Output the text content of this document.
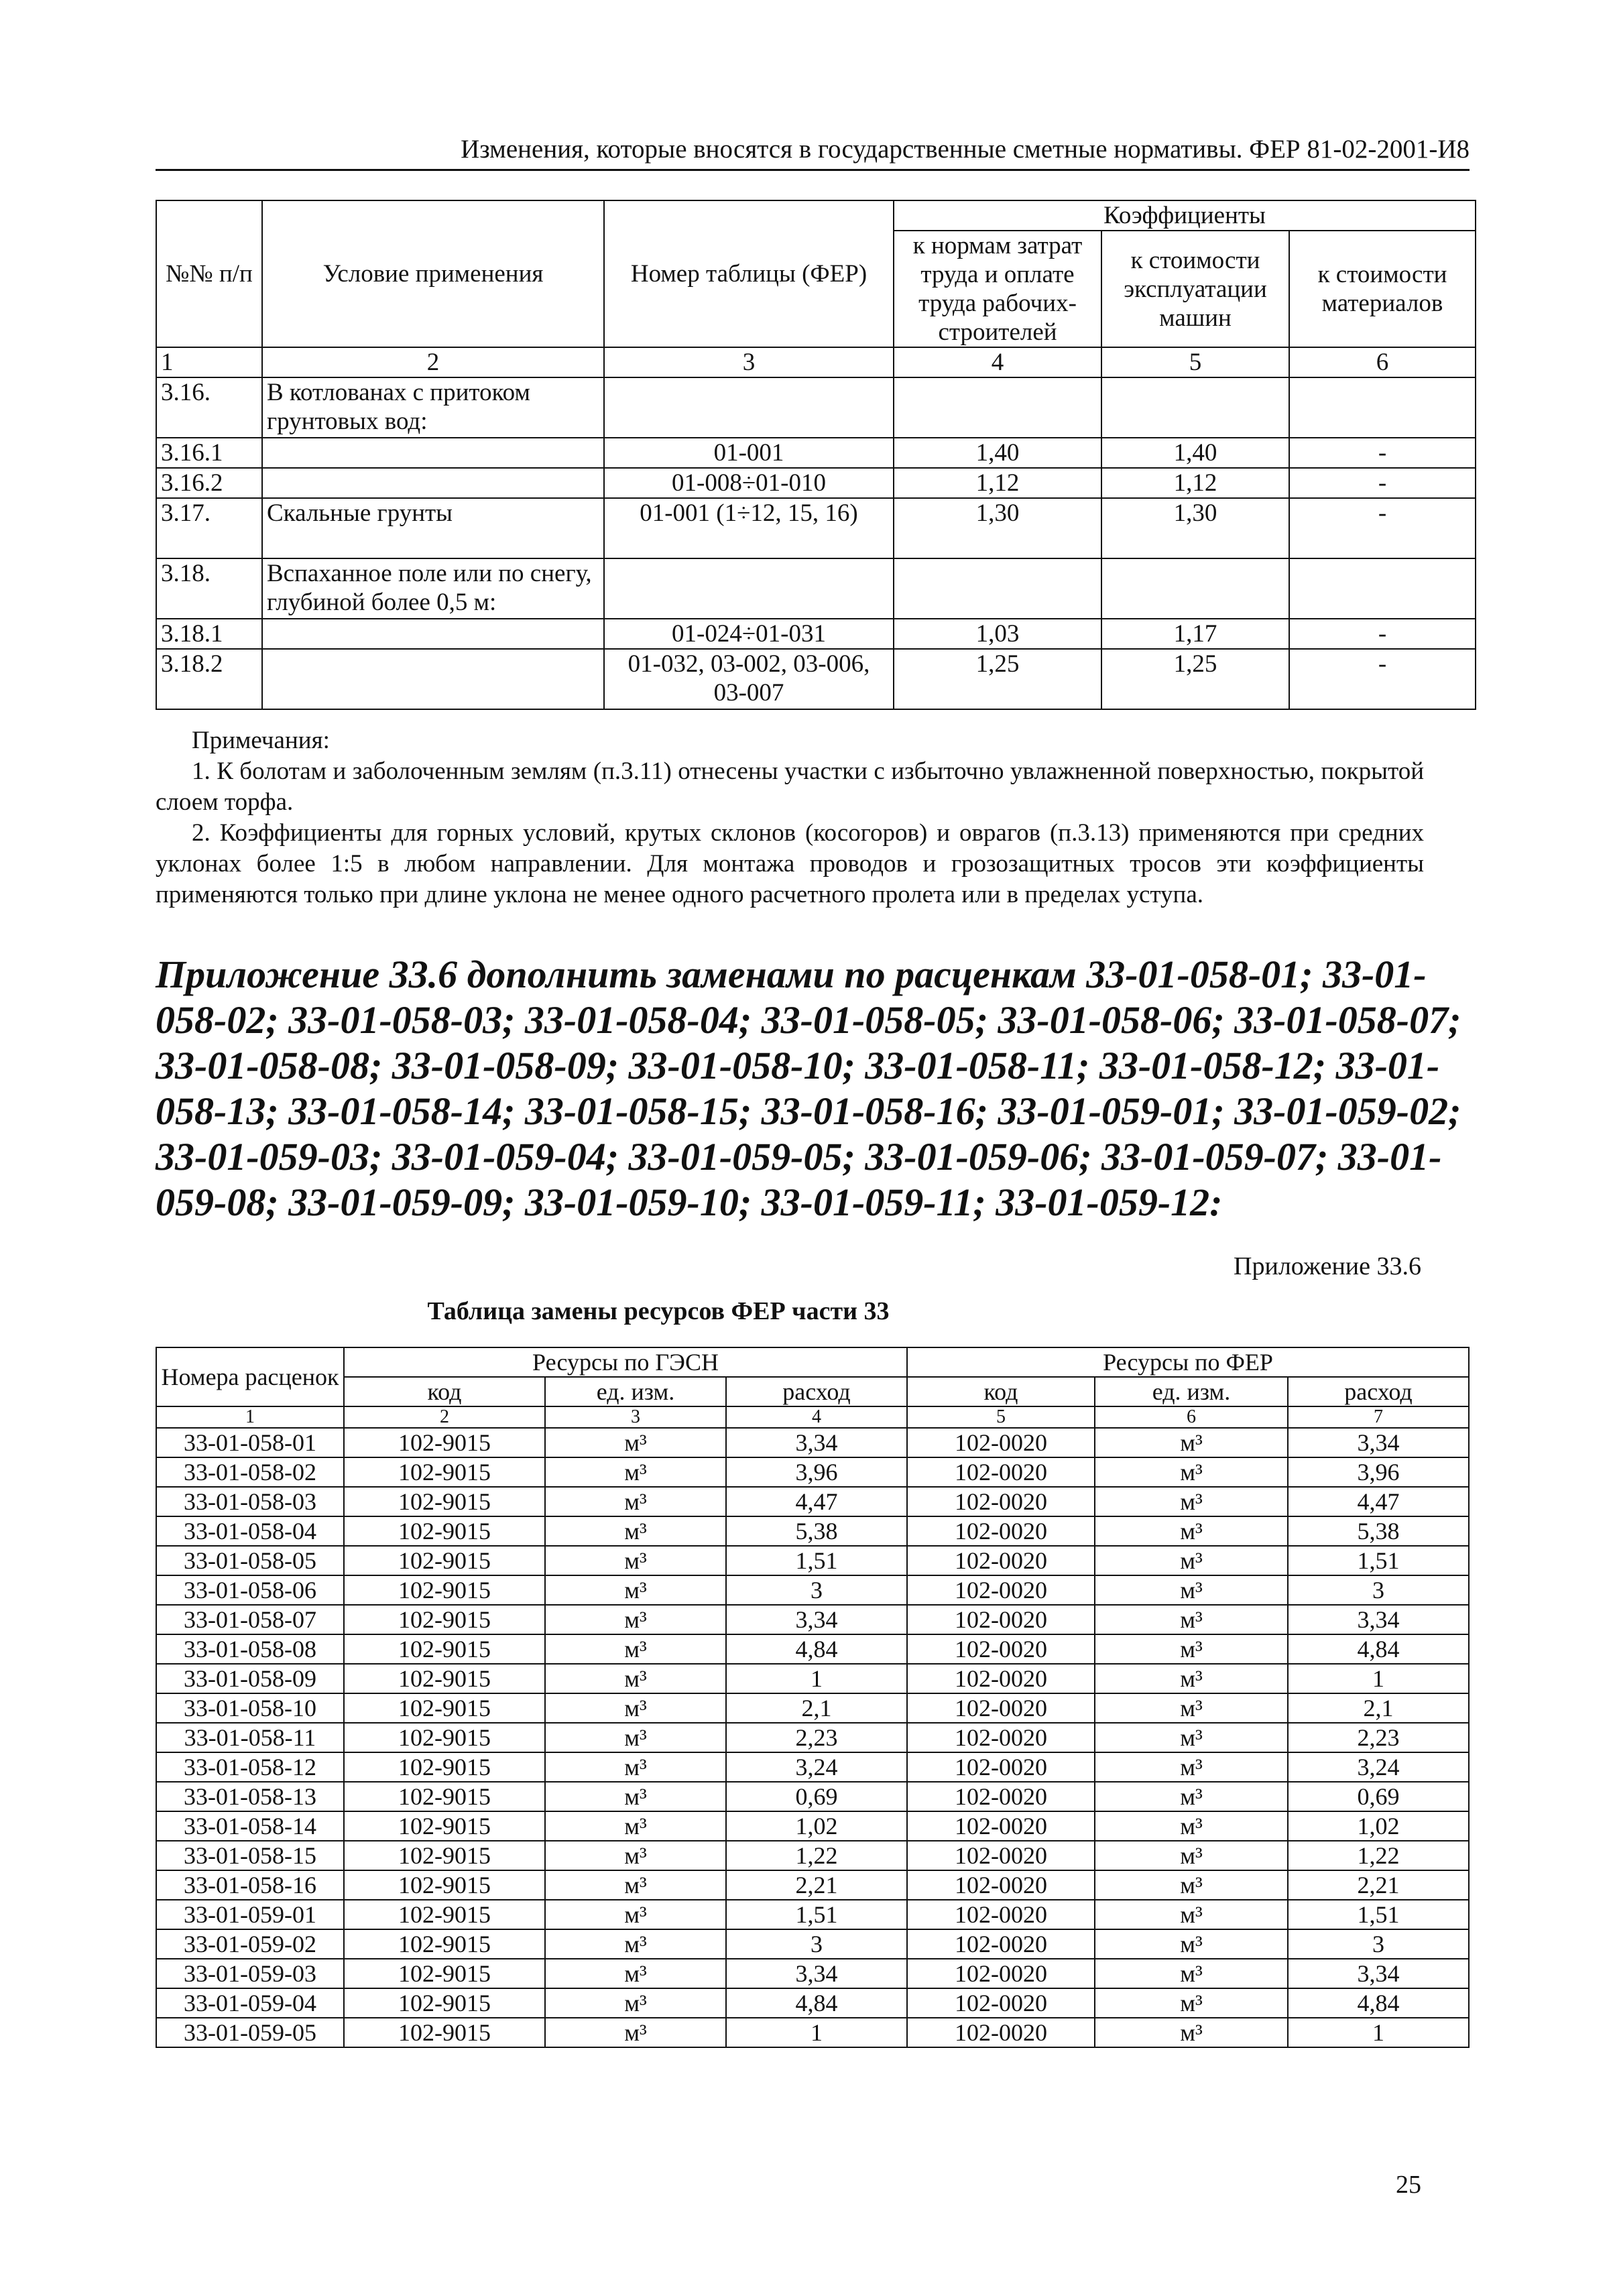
Изменения, которые вносятся в государственные сметные нормативы. ФЕР 81-02-2001-И8
№№ п/п	Условие применения	Номер таблицы (ФЕР)	Коэффициенты		
			к нормам затрат труда и оплате труда рабочих-строителей	к стоимости эксплуатации машин	к стоимости материалов
1	2	3	4	5	6
3.16.	В котлованах с притоком грунтовых вод:				
3.16.1		01-001	1,40	1,40	-
3.16.2		01-008÷01-010	1,12	1,12	-
3.17.	Скальные грунты	01-001 (1÷12, 15, 16)	1,30	1,30	-
3.18.	Вспаханное поле или по снегу, глубиной более 0,5 м:				
3.18.1		01-024÷01-031	1,03	1,17	-
3.18.2		01-032, 03-002, 03-006, 03-007	1,25	1,25	-

Примечания:

1. К болотам и заболоченным землям (п.3.11) отнесены участки с избыточно увлажненной поверхностью, покрытой слоем торфа.

2. Коэффициенты для горных условий, крутых склонов (косогоров) и оврагов (п.3.13) применяются при средних уклонах более 1:5 в любом направлении. Для монтажа проводов и грозозащитных тросов эти коэффициенты применяются только при длине уклона не менее одного расчетного пролета или в пределах уступа.

Приложение 33.6 дополнить заменами по расценкам 33-01-058-01; 33-01-058-02; 33-01-058-03; 33-01-058-04; 33-01-058-05; 33-01-058-06; 33-01-058-07; 33-01-058-08; 33-01-058-09; 33-01-058-10; 33-01-058-11; 33-01-058-12; 33-01-058-13; 33-01-058-14; 33-01-058-15; 33-01-058-16; 33-01-059-01; 33-01-059-02; 33-01-059-03; 33-01-059-04; 33-01-059-05; 33-01-059-06; 33-01-059-07; 33-01-059-08; 33-01-059-09; 33-01-059-10; 33-01-059-11; 33-01-059-12:

Приложение 33.6
Таблица замены ресурсов ФЕР части 33
Номера расценок	Ресурсы по ГЭСН			Ресурсы по ФЕР		
	код	ед. изм.	расход	код	ед. изм.	расход
1	2	3	4	5	6	7
33-01-058-01	102-9015	м³	3,34	102-0020	м³	3,34
33-01-058-02	102-9015	м³	3,96	102-0020	м³	3,96
33-01-058-03	102-9015	м³	4,47	102-0020	м³	4,47
33-01-058-04	102-9015	м³	5,38	102-0020	м³	5,38
33-01-058-05	102-9015	м³	1,51	102-0020	м³	1,51
33-01-058-06	102-9015	м³	3	102-0020	м³	3
33-01-058-07	102-9015	м³	3,34	102-0020	м³	3,34
33-01-058-08	102-9015	м³	4,84	102-0020	м³	4,84
33-01-058-09	102-9015	м³	1	102-0020	м³	1
33-01-058-10	102-9015	м³	2,1	102-0020	м³	2,1
33-01-058-11	102-9015	м³	2,23	102-0020	м³	2,23
33-01-058-12	102-9015	м³	3,24	102-0020	м³	3,24
33-01-058-13	102-9015	м³	0,69	102-0020	м³	0,69
33-01-058-14	102-9015	м³	1,02	102-0020	м³	1,02
33-01-058-15	102-9015	м³	1,22	102-0020	м³	1,22
33-01-058-16	102-9015	м³	2,21	102-0020	м³	2,21
33-01-059-01	102-9015	м³	1,51	102-0020	м³	1,51
33-01-059-02	102-9015	м³	3	102-0020	м³	3
33-01-059-03	102-9015	м³	3,34	102-0020	м³	3,34
33-01-059-04	102-9015	м³	4,84	102-0020	м³	4,84
33-01-059-05	102-9015	м³	1	102-0020	м³	1
25
